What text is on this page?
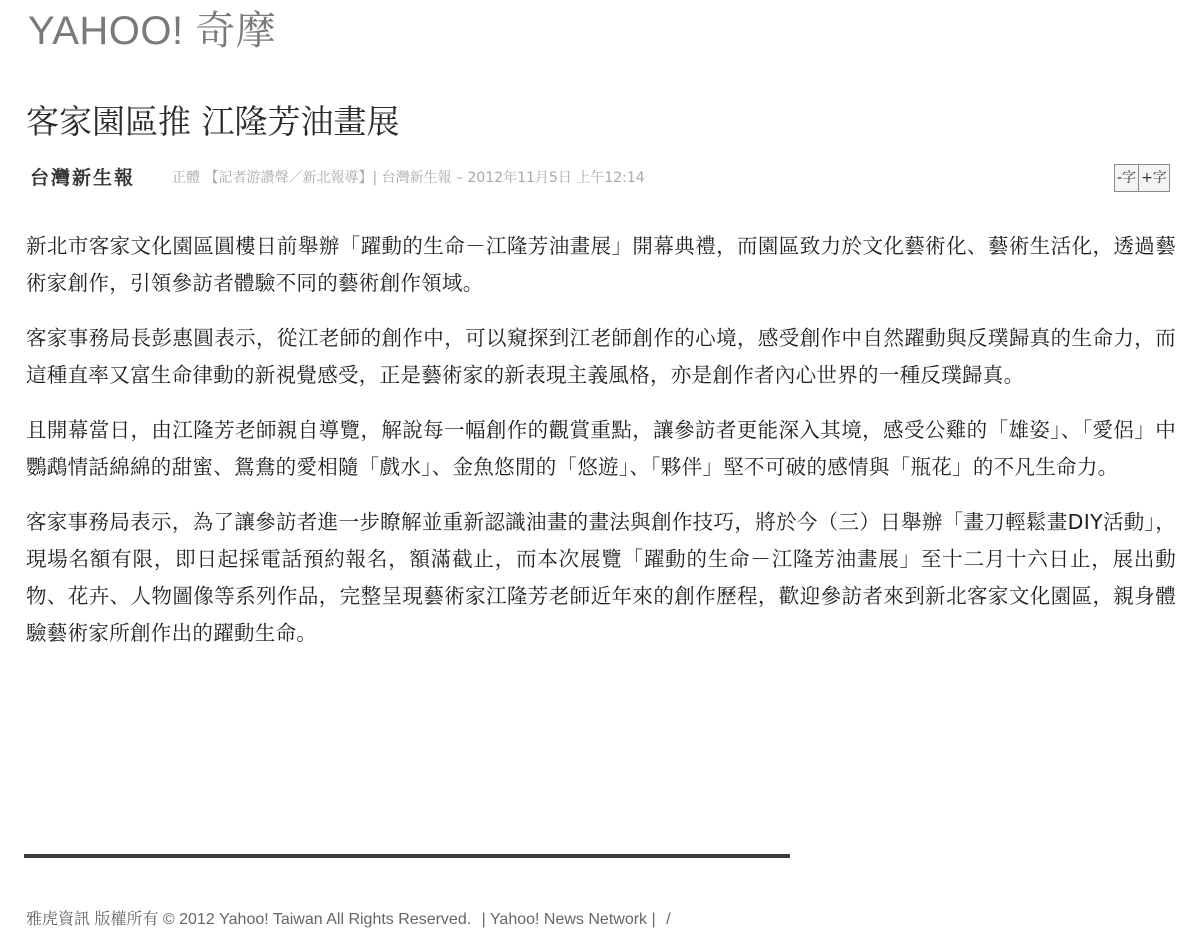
YAHOO! 奇摩
客家園區推 江隆芳油畫展
台灣新生報	正體 【記者游讚聲／新北報導】| 台灣新生報 – 2012年11月5日 上午12:14	-字 +字

新北市客家文化園區圓樓日前舉辦「躍動的生命－江隆芳油畫展」開幕典禮，而園區致力於文化藝術化、藝術生活化，透過藝術家創作，引領參訪者體驗不同的藝術創作領域。

客家事務局長彭惠圓表示，從江老師的創作中，可以窺探到江老師創作的心境，感受創作中自然躍動與反璞歸真的生命力，而這種直率又富生命律動的新視覺感受，正是藝術家的新表現主義風格，亦是創作者內心世界的一種反璞歸真。

且開幕當日，由江隆芳老師親自導覽，解說每一幅創作的觀賞重點，讓參訪者更能深入其境，感受公雞的「雄姿」、「愛侶」中鸚鵡情話綿綿的甜蜜、鴛鴦的愛相隨「戲水」、金魚悠閒的「悠遊」、「夥伴」堅不可破的感情與「瓶花」的不凡生命力。

客家事務局表示，為了讓參訪者進一步瞭解並重新認識油畫的畫法與創作技巧，將於今（三）日舉辦「畫刀輕鬆畫DIY活動」，現場名額有限，即日起採電話預約報名，額滿截止，而本次展覽「躍動的生命－江隆芳油畫展」至十二月十六日止，展出動物、花卉、人物圖像等系列作品，完整呈現藝術家江隆芳老師近年來的創作歷程，歡迎參訪者來到新北客家文化園區，親身體驗藝術家所創作出的躍動生命。

雅虎資訊 版權所有 © 2012 Yahoo! Taiwan All Rights Reserved. | Yahoo! News Network | /
